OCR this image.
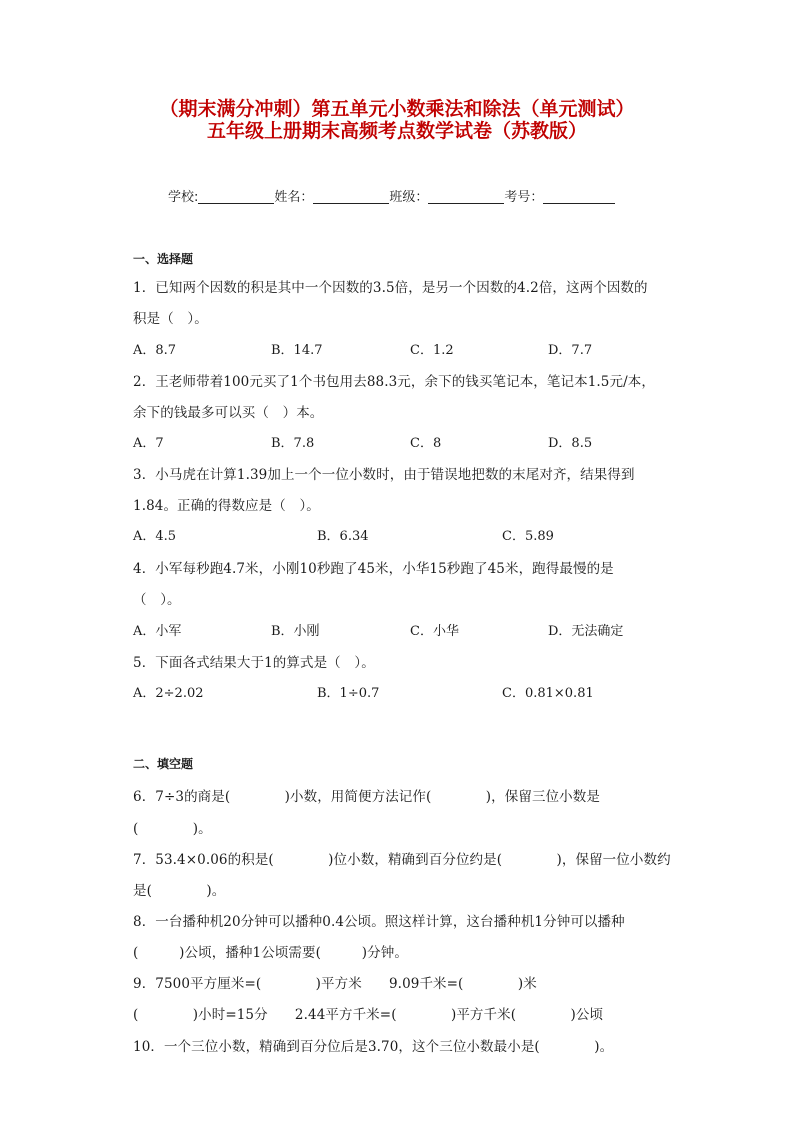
（期末满分冲刺）第五单元小数乘法和除法（单元测试）
五年级上册期末高频考点数学试卷（苏教版）
学校:	姓名：	班级：	考号：
一、选择题
1．已知两个因数的积是其中一个因数的3.5倍，是另一个因数的4.2倍，这两个因数的
积是（　）。
A．8.7	B．14.7	C．1.2	D．7.7
2．王老师带着100元买了1个书包用去88.3元，余下的钱买笔记本，笔记本1.5元/本，
余下的钱最多可以买（　）本。
A．7	B．7.8	C．8	D．8.5
3．小马虎在计算1.39加上一个一位小数时，由于错误地把数的末尾对齐，结果得到
1.84。正确的得数应是（　）。
A．4.5	B．6.34	C．5.89
4．小军每秒跑4.7米，小刚10秒跑了45米，小华15秒跑了45米，跑得最慢的是
（　）。
A．小军	B．小刚	C．小华	D．无法确定
5．下面各式结果大于1的算式是（　）。
A．2÷2.02	B．1÷0.7	C．0.81×0.81
二、填空题
6．7÷3的商是(　　　　)小数，用简便方法记作(　　　　)，保留三位小数是
(　　　　)。
7．53.4×0.06的积是(　　　　)位小数，精确到百分位约是(　　　　)，保留一位小数约
是(　　　　)。
8．一台播种机20分钟可以播种0.4公顷。照这样计算，这台播种机1分钟可以播种
(　　　)公顷，播种1公顷需要(　　　)分钟。
9．7500平方厘米=(　　　　)平方米　　9.09千米=(　　　　)米
(　　　　)小时=15分　　2.44平方千米=(　　　　)平方千米(　　　　)公顷
10．一个三位小数，精确到百分位后是3.70，这个三位小数最小是(　　　　)。
